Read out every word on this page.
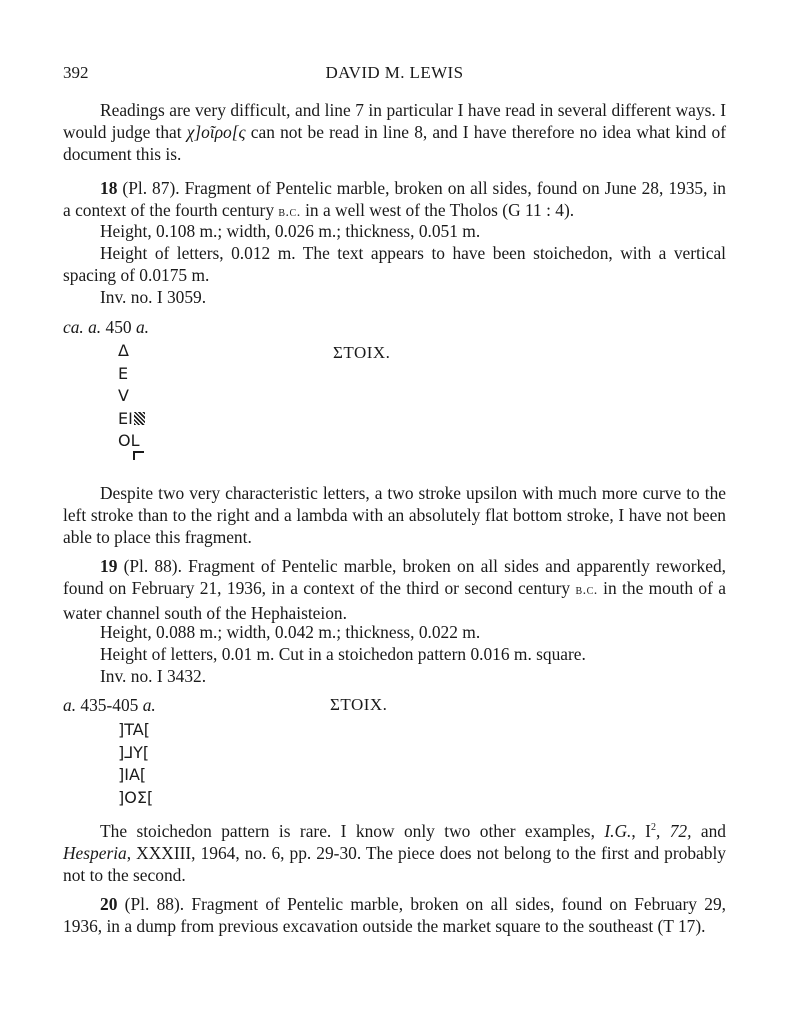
392	DAVID M. LEWIS
Readings are very difficult, and line 7 in particular I have read in several different ways. I would judge that χ]οῖρο[ς can not be read in line 8, and I have therefore no idea what kind of document this is.
18 (Pl. 87). Fragment of Pentelic marble, broken on all sides, found on June 28, 1935, in a context of the fourth century b.c. in a well west of the Tholos (G 11 : 4).
Height, 0.108 m.; width, 0.026 m.; thickness, 0.051 m.
Height of letters, 0.012 m. The text appears to have been stoichedon, with a vertical spacing of 0.0175 m.
Inv. no. I 3059.
ca. a. 450 a.
ΣTOIX.
Δ
E
V
EI
OL
Despite two very characteristic letters, a two stroke upsilon with much more curve to the left stroke than to the right and a lambda with an absolutely flat bottom stroke, I have not been able to place this fragment.
19 (Pl. 88). Fragment of Pentelic marble, broken on all sides and apparently reworked, found on February 21, 1936, in a context of the third or second century b.c. in the mouth of a water channel south of the Hephaisteion.
Height, 0.088 m.; width, 0.042 m.; thickness, 0.022 m.
Height of letters, 0.01 m. Cut in a stoichedon pattern 0.016 m. square.
Inv. no. I 3432.
a. 435-405 a.	ΣTOIX.
]TA[
]⅃Y[
]IA[
]OΣ[
The stoichedon pattern is rare. I know only two other examples, I.G., $I^2$, 72, and Hesperia, XXXIII, 1964, no. 6, pp. 29-30. The piece does not belong to the first and probably not to the second.
20 (Pl. 88). Fragment of Pentelic marble, broken on all sides, found on February 29, 1936, in a dump from previous excavation outside the market square to the southeast (T 17).
